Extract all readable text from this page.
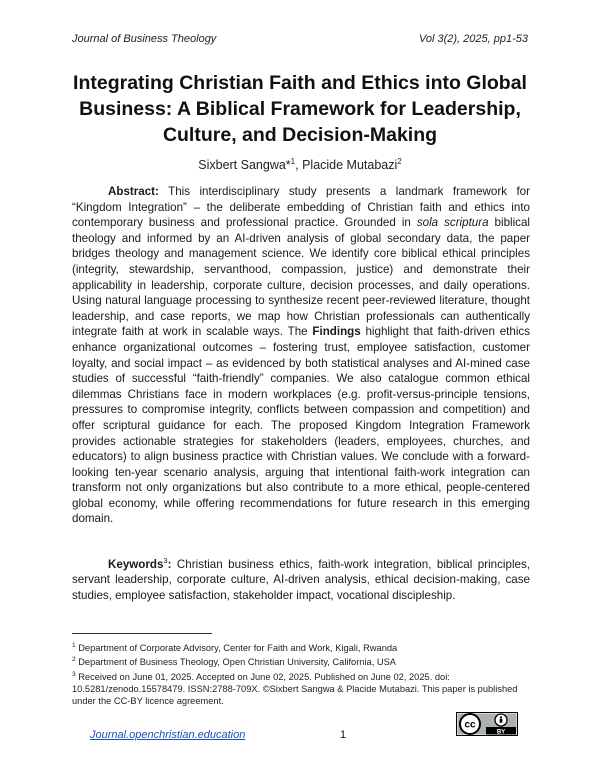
Journal of Business Theology	Vol 3(2), 2025, pp1-53
Integrating Christian Faith and Ethics into Global Business: A Biblical Framework for Leadership, Culture, and Decision-Making
Sixbert Sangwa*$^1$, Placide Mutabazi$^2$
Abstract: This interdisciplinary study presents a landmark framework for “Kingdom Integration” – the deliberate embedding of Christian faith and ethics into contemporary business and professional practice. Grounded in sola scriptura biblical theology and informed by an AI-driven analysis of global secondary data, the paper bridges theology and management science. We identify core biblical ethical principles (integrity, stewardship, servanthood, compassion, justice) and demonstrate their applicability in leadership, corporate culture, decision processes, and daily operations. Using natural language processing to synthesize recent peer-reviewed literature, thought leadership, and case reports, we map how Christian professionals can authentically integrate faith at work in scalable ways. The Findings highlight that faith-driven ethics enhance organizational outcomes – fostering trust, employee satisfaction, customer loyalty, and social impact – as evidenced by both statistical analyses and AI-mined case studies of successful “faith-friendly” companies. We also catalogue common ethical dilemmas Christians face in modern workplaces (e.g. profit-versus-principle tensions, pressures to compromise integrity, conflicts between compassion and competition) and offer scriptural guidance for each. The proposed Kingdom Integration Framework provides actionable strategies for stakeholders (leaders, employees, churches, and educators) to align business practice with Christian values. We conclude with a forward-looking ten-year scenario analysis, arguing that intentional faith-work integration can transform not only organizations but also contribute to a more ethical, people-centered global economy, while offering recommendations for future research in this emerging domain.
Keywords$^3$: Christian business ethics, faith-work integration, biblical principles, servant leadership, corporate culture, AI-driven analysis, ethical decision-making, case studies, employee satisfaction, stakeholder impact, vocational discipleship.
$^1$ Department of Corporate Advisory, Center for Faith and Work, Kigali, Rwanda
$^2$ Department of Business Theology, Open Christian University, California, USA
$^3$ Received on June 01, 2025. Accepted on June 02, 2025. Published on June 02, 2025. doi: 10.5281/zenodo.15578479. ISSN:2788-709X. ©Sixbert Sangwa & Placide Mutabazi. This paper is published under the CC-BY licence agreement.
Journal.openchristian.education	1
cc
BY
